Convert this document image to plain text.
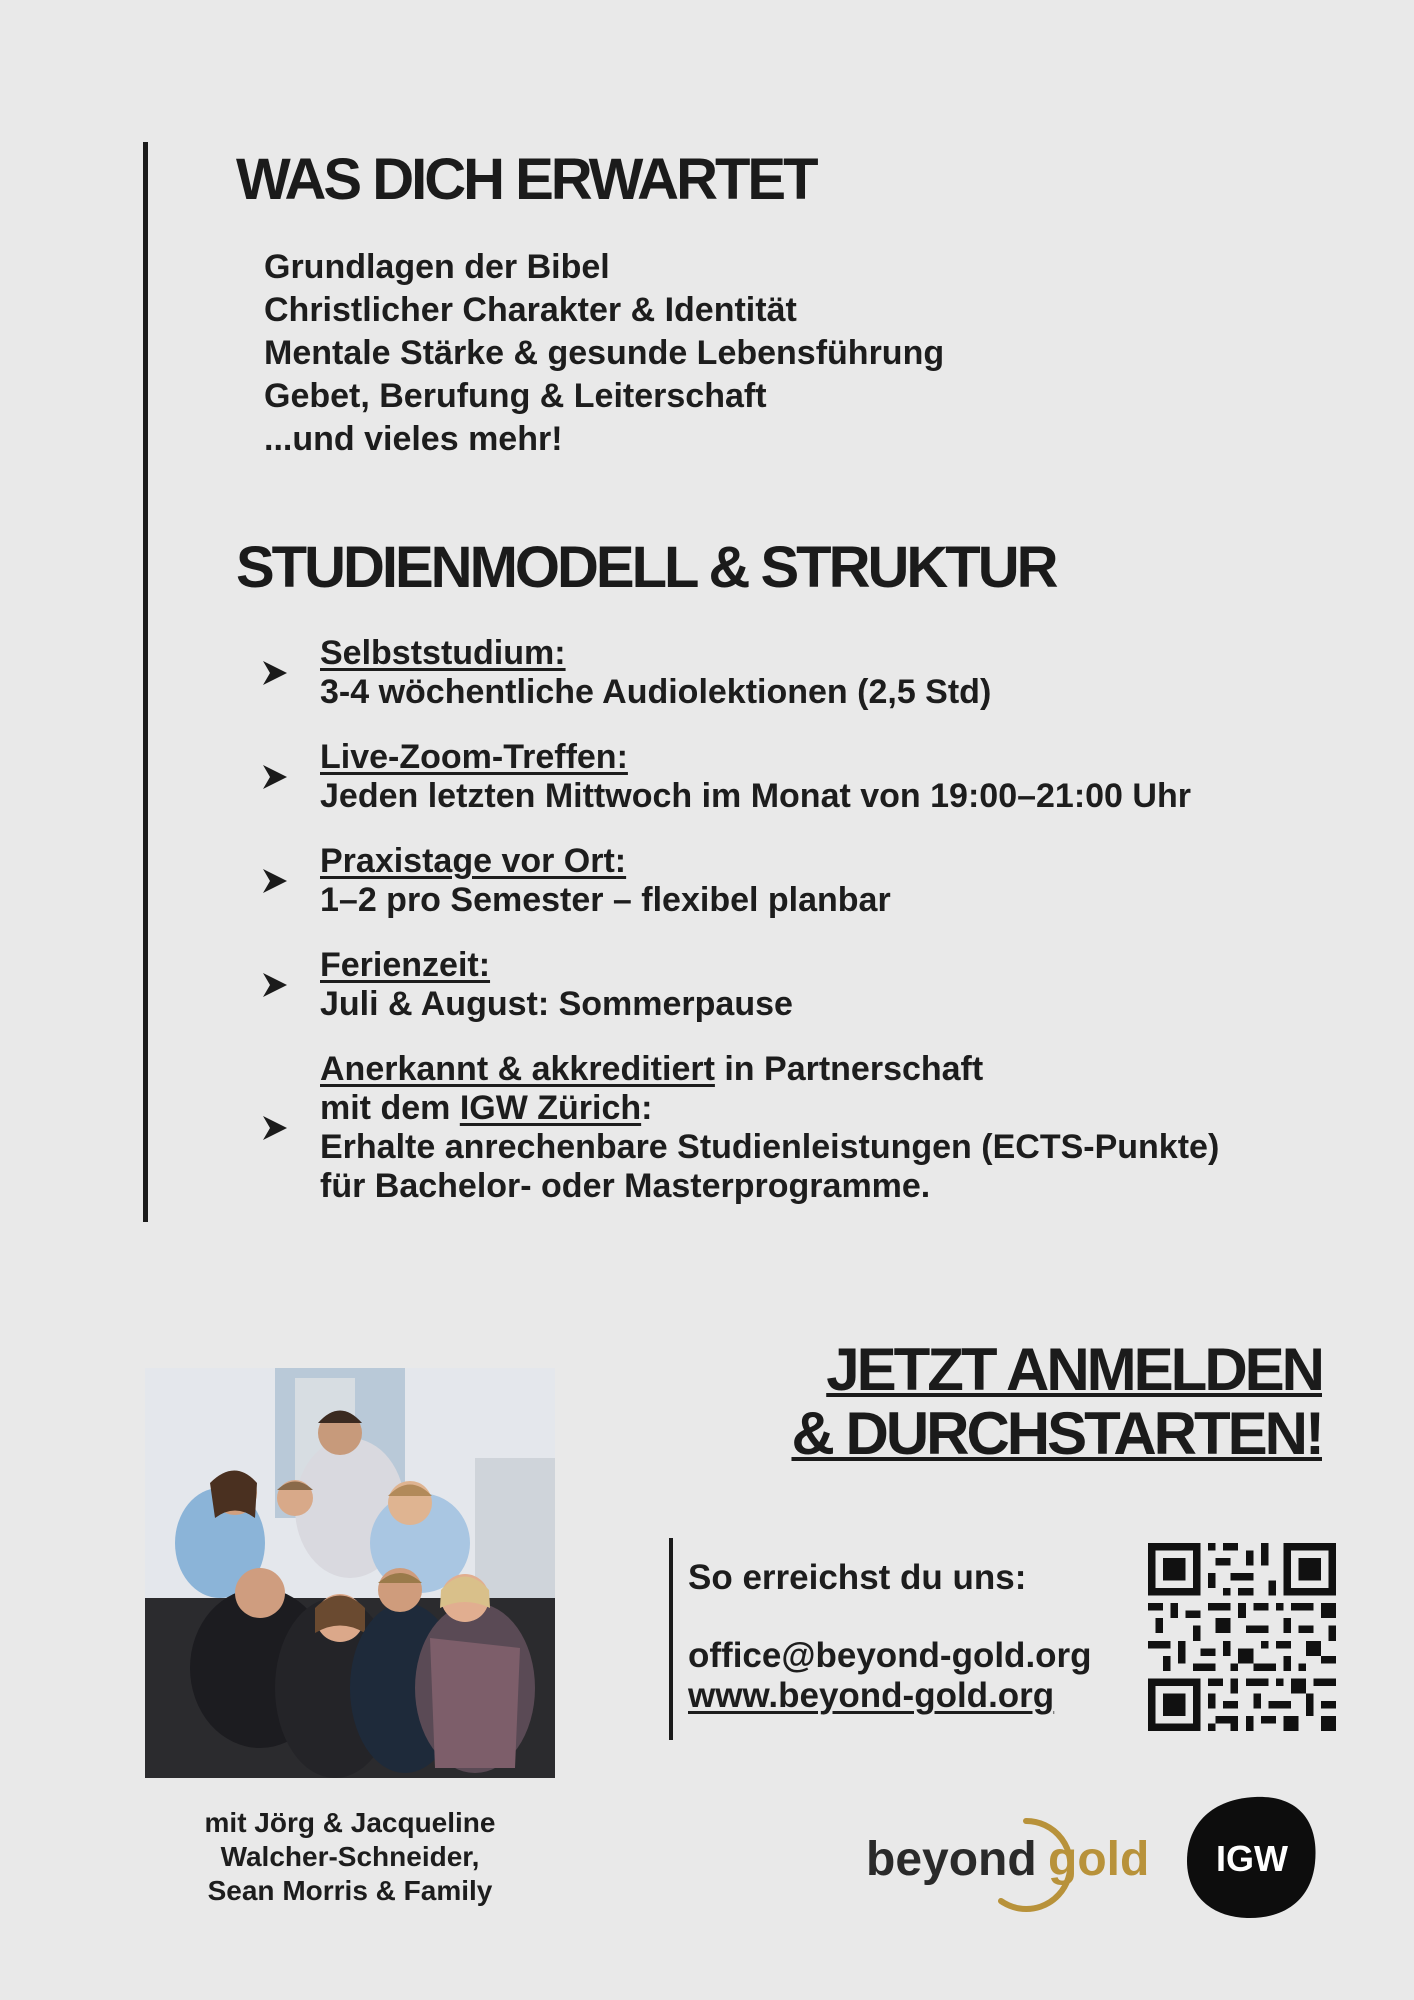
WAS DICH ERWARTET
Grundlagen der Bibel
Christlicher Charakter & Identität
Mentale Stärke & gesunde Lebensführung
Gebet, Berufung & Leiterschaft
...und vieles mehr!
STUDIENMODELL & STRUKTUR
Selbststudium:
3-4 wöchentliche Audiolektionen (2,5 Std)
Live-Zoom-Treffen:
Jeden letzten Mittwoch im Monat von 19:00–21:00 Uhr
Praxistage vor Ort:
1–2 pro Semester – flexibel planbar
Ferienzeit:
Juli & August: Sommerpause
Anerkannt & akkreditiert in Partnerschaft
mit dem IGW Zürich:
Erhalte anrechenbare Studienleistungen (ECTS-Punkte)
für Bachelor- oder Masterprogramme.
JETZT ANMELDEN
& DURCHSTARTEN!
mit Jörg & Jacqueline
Walcher-Schneider,
Sean Morris & Family

So erreichst du uns:

office@beyond-gold.org

www.beyond-gold.org

beyond gold IGW
